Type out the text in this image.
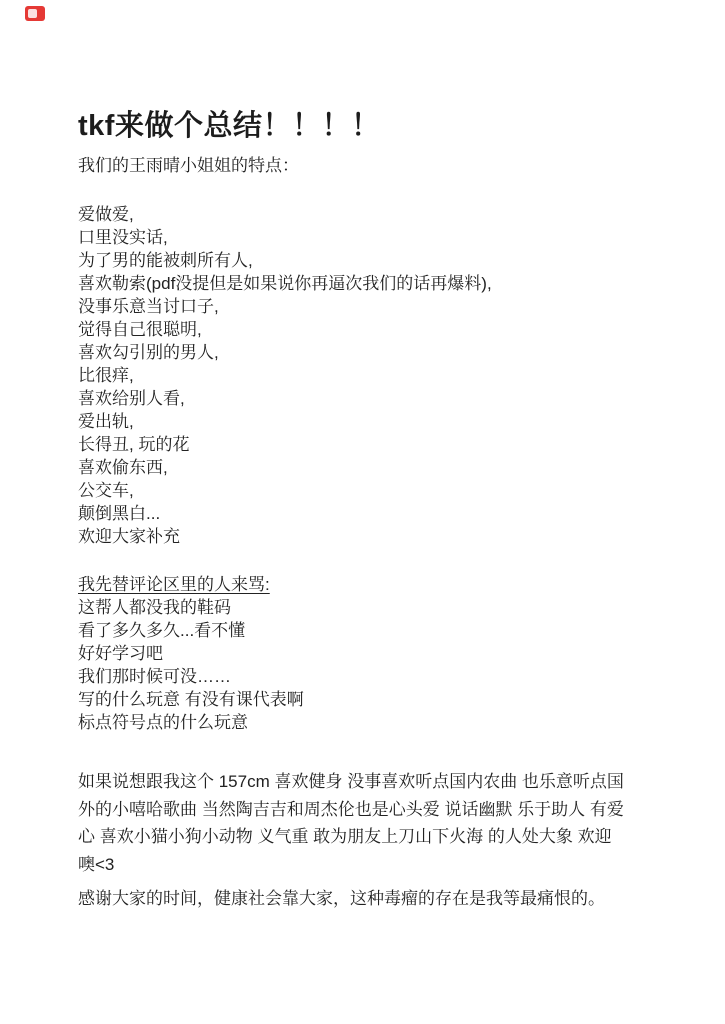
tkf来做个总结！！！！
我们的王雨晴小姐姐的特点：
爱做爱,
口里没实话,
为了男的能被刺所有人,
喜欢勒索(pdf没提但是如果说你再逼次我们的话再爆料),
没事乐意当讨口子,
觉得自己很聪明,
喜欢勾引别的男人,
比很痒,
喜欢给别人看,
爱出轨,
长得丑, 玩的花
喜欢偷东西,
公交车,
颠倒黑白...
欢迎大家补充
我先替评论区里的人来骂:
这帮人都没我的鞋码
看了多久多久...看不懂
好好学习吧
我们那时候可没……
写的什么玩意 有没有课代表啊
标点符号点的什么玩意
如果说想跟我这个 157cm 喜欢健身 没事喜欢听点国内农曲 也乐意听点国
外的小嘻哈歌曲 当然陶吉吉和周杰伦也是心头爱 说话幽默 乐于助人 有爱
心 喜欢小猫小狗小动物 义气重 敢为朋友上刀山下火海 的人处大象 欢迎
噢<3
感谢大家的时间，健康社会靠大家，这种毒瘤的存在是我等最痛恨的。
